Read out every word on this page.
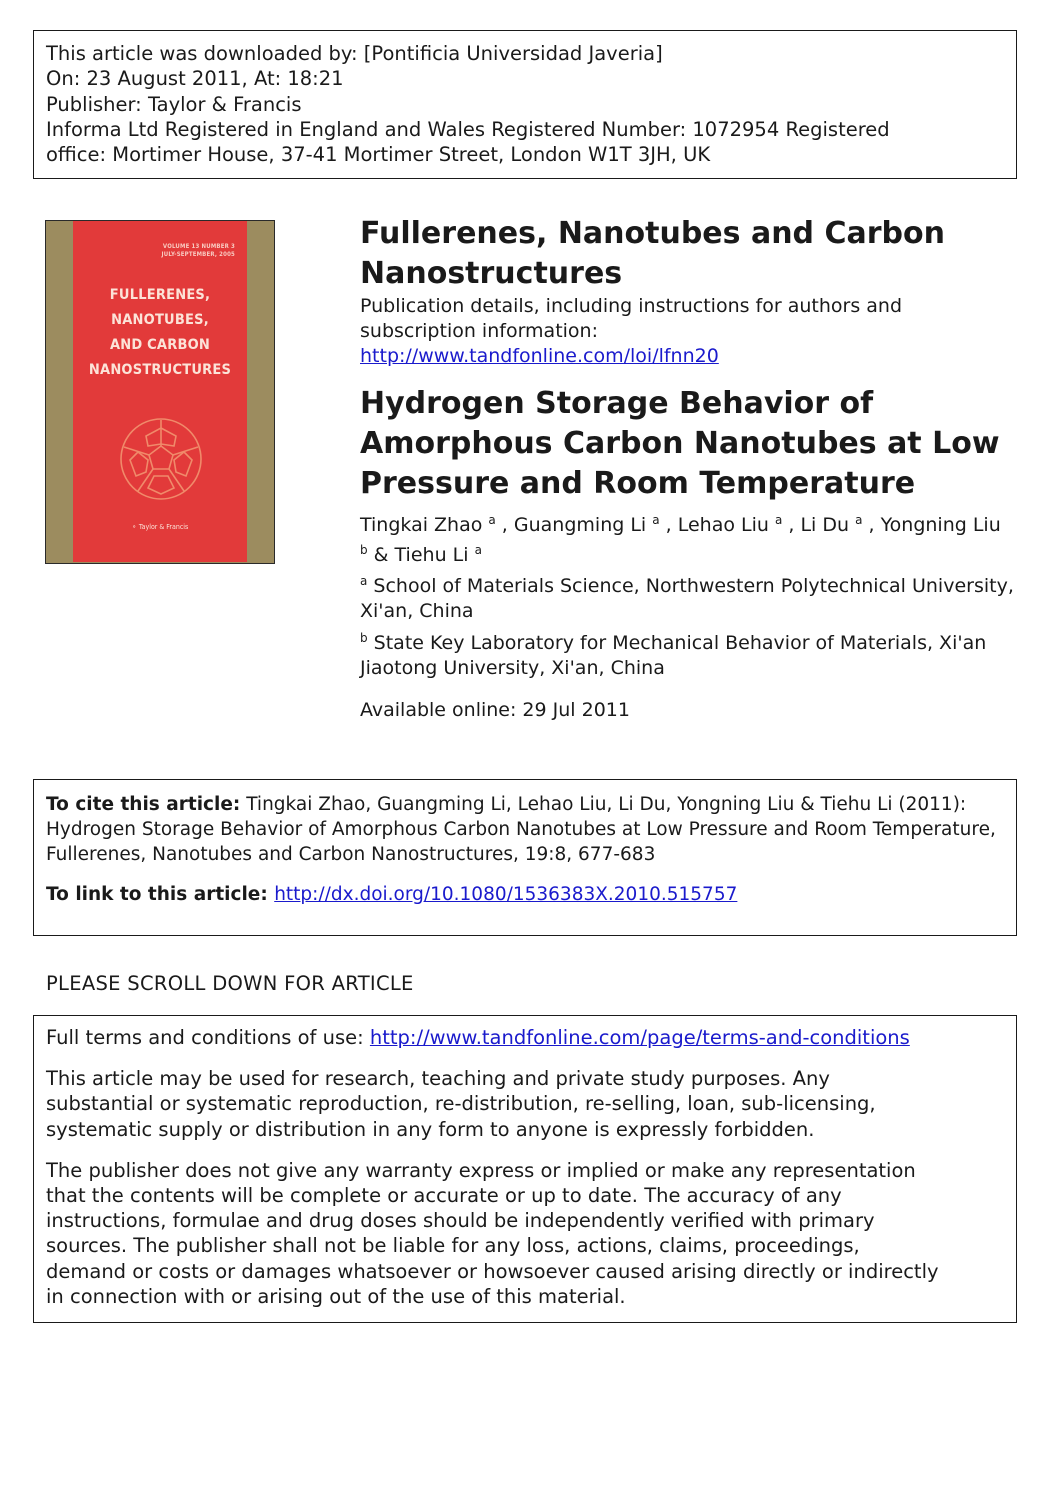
This article was downloaded by: [Pontificia Universidad Javeria]
On: 23 August 2011, At: 18:21
Publisher: Taylor & Francis
Informa Ltd Registered in England and Wales Registered Number: 1072954 Registered
office: Mortimer House, 37-41 Mortimer Street, London W1T 3JH, UK
VOLUME 13 NUMBER 3
JULY-SEPTEMBER, 2005
FULLERENES,
NANOTUBES,
AND CARBON
NANOSTRUCTURES
⚬ Taylor & Francis
Fullerenes, Nanotubes and Carbon
Nanostructures
Publication details, including instructions for authors and
subscription information:
http://www.tandfonline.com/loi/lfnn20
Hydrogen Storage Behavior of
Amorphous Carbon Nanotubes at Low
Pressure and Room Temperature
Tingkai Zhao $^a$ , Guangming Li $^a$ , Lehao Liu $^a$ , Li Du $^a$ , Yongning Liu
$^b$ & Tiehu Li $^a$
$^a$ School of Materials Science, Northwestern Polytechnical University,
Xi'an, China
$^b$ State Key Laboratory for Mechanical Behavior of Materials, Xi'an
Jiaotong University, Xi'an, China
Available online: 29 Jul 2011

To cite this article: Tingkai Zhao, Guangming Li, Lehao Liu, Li Du, Yongning Liu & Tiehu Li (2011):
Hydrogen Storage Behavior of Amorphous Carbon Nanotubes at Low Pressure and Room Temperature,
Fullerenes, Nanotubes and Carbon Nanostructures, 19:8, 677-683

To link to this article: http://dx.doi.org/10.1080/1536383X.2010.515757

PLEASE SCROLL DOWN FOR ARTICLE

Full terms and conditions of use: http://www.tandfonline.com/page/terms-and-conditions

This article may be used for research, teaching and private study purposes. Any
substantial or systematic reproduction, re-distribution, re-selling, loan, sub-licensing,
systematic supply or distribution in any form to anyone is expressly forbidden.

The publisher does not give any warranty express or implied or make any representation
that the contents will be complete or accurate or up to date. The accuracy of any
instructions, formulae and drug doses should be independently verified with primary
sources. The publisher shall not be liable for any loss, actions, claims, proceedings,
demand or costs or damages whatsoever or howsoever caused arising directly or indirectly
in connection with or arising out of the use of this material.
